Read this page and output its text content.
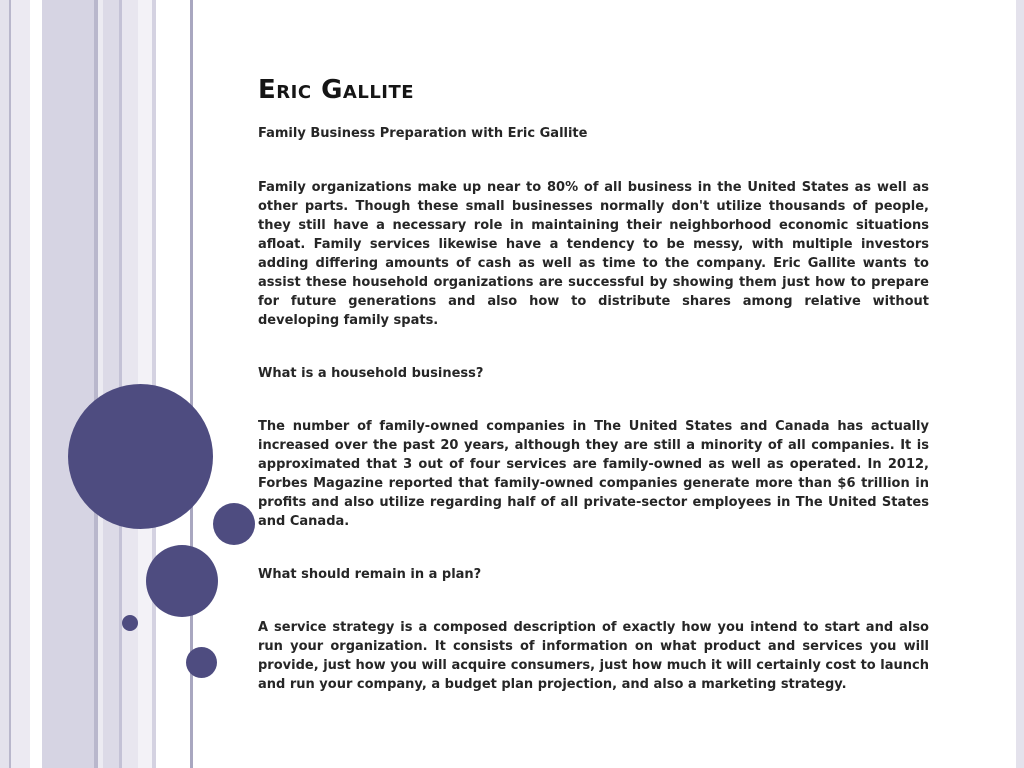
Eric Gallite
Family Business Preparation with Eric Gallite
Family organizations make up near to 80% of all business in the United States as well as other parts. Though these small businesses normally don't utilize thousands of people, they still have a necessary role in maintaining their neighborhood economic situations afloat. Family services likewise have a tendency to be messy, with multiple investors adding differing amounts of cash as well as time to the company. Eric Gallite wants to assist these household organizations are successful by showing them just how to prepare for future generations and also how to distribute shares among relative without developing family spats.
What is a household business?
The number of family-owned companies in The United States and Canada has actually increased over the past 20 years, although they are still a minority of all companies. It is approximated that 3 out of four services are family-owned as well as operated. In 2012, Forbes Magazine reported that family-owned companies generate more than $6 trillion in profits and also utilize regarding half of all private-sector employees in The United States and Canada.
What should remain in a plan?
A service strategy is a composed description of exactly how you intend to start and also run your organization. It consists of information on what product and services you will provide, just how you will acquire consumers, just how much it will certainly cost to launch and run your company, a budget plan projection, and also a marketing strategy.
